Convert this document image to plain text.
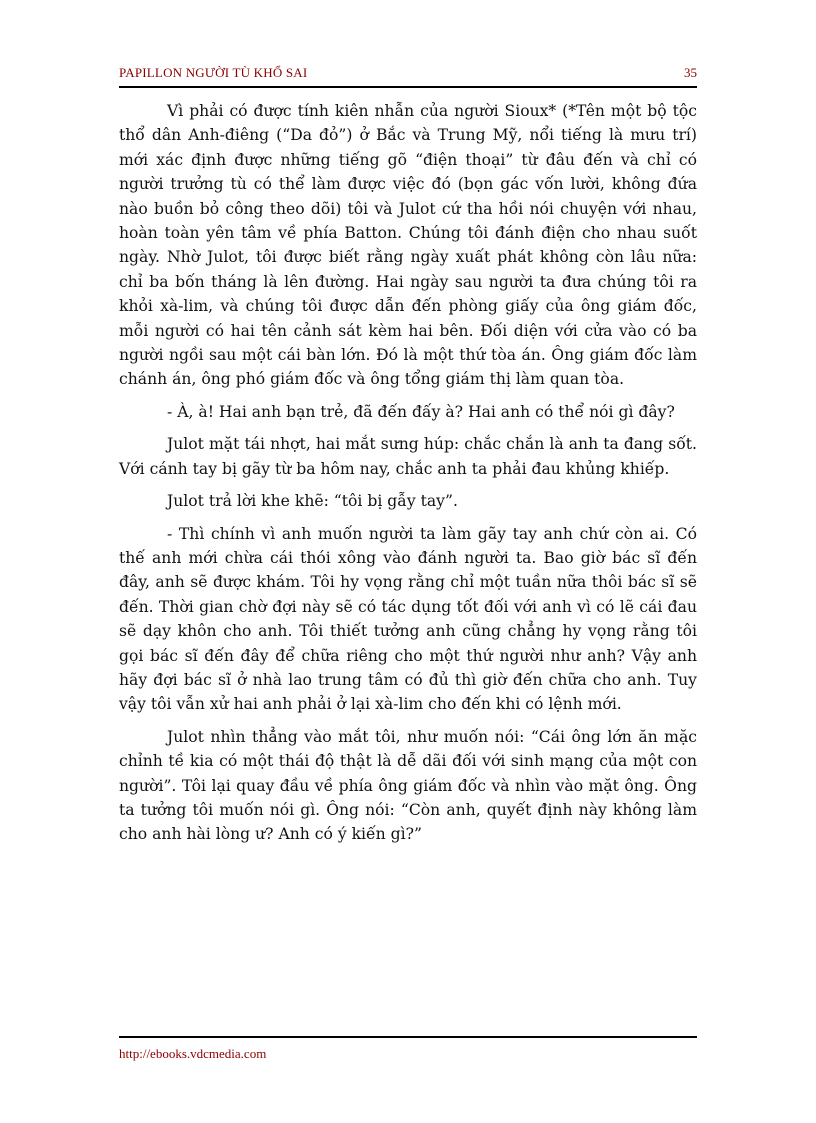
PAPILLON NGƯỜI TÙ KHỔ SAI	35

Vì phải có được tính kiên nhẫn của người Sioux* (*Tên một bộ tộc thổ dân Anh-điêng (“Da đỏ”) ở Bắc và Trung Mỹ, nổi tiếng là mưu trí) mới xác định được những tiếng gõ “điện thoại” từ đâu đến và chỉ có người trưởng tù có thể làm được việc đó (bọn gác vốn lười, không đứa nào buồn bỏ công theo dõi) tôi và Julot cứ tha hồi nói chuyện với nhau, hoàn toàn yên tâm về phía Batton. Chúng tôi đánh điện cho nhau suốt ngày. Nhờ Julot, tôi được biết rằng ngày xuất phát không còn lâu nữa: chỉ ba bốn tháng là lên đường. Hai ngày sau người ta đưa chúng tôi ra khỏi xà-lim, và chúng tôi được dẫn đến phòng giấy của ông giám đốc, mỗi người có hai tên cảnh sát kèm hai bên. Đối diện với cửa vào có ba người ngồi sau một cái bàn lớn. Đó là một thứ tòa án. Ông giám đốc làm chánh án, ông phó giám đốc và ông tổng giám thị làm quan tòa.

- À, à! Hai anh bạn trẻ, đã đến đấy à? Hai anh có thể nói gì đây?

Julot mặt tái nhợt, hai mắt sưng húp: chắc chắn là anh ta đang sốt. Với cánh tay bị gãy từ ba hôm nay, chắc anh ta phải đau khủng khiếp.

Julot trả lời khe khẽ: “tôi bị gẫy tay”.

- Thì chính vì anh muốn người ta làm gãy tay anh chứ còn ai. Có thế anh mới chừa cái thói xông vào đánh người ta. Bao giờ bác sĩ đến đây, anh sẽ được khám. Tôi hy vọng rằng chỉ một tuần nữa thôi bác sĩ sẽ đến. Thời gian chờ đợi này sẽ có tác dụng tốt đối với anh vì có lẽ cái đau sẽ dạy khôn cho anh. Tôi thiết tưởng anh cũng chẳng hy vọng rằng tôi gọi bác sĩ đến đây để chữa riêng cho một thứ người như anh? Vậy anh hãy đợi bác sĩ ở nhà lao trung tâm có đủ thì giờ đến chữa cho anh. Tuy vậy tôi vẫn xử hai anh phải ở lại xà-lim cho đến khi có lệnh mới.

Julot nhìn thẳng vào mắt tôi, như muốn nói: “Cái ông lớn ăn mặc chỉnh tề kia có một thái độ thật là dễ dãi đối với sinh mạng của một con người”. Tôi lại quay đầu về phía ông giám đốc và nhìn vào mặt ông. Ông ta tưởng tôi muốn nói gì. Ông nói: “Còn anh, quyết định này không làm cho anh hài lòng ư? Anh có ý kiến gì?”

http://ebooks.vdcmedia.com
